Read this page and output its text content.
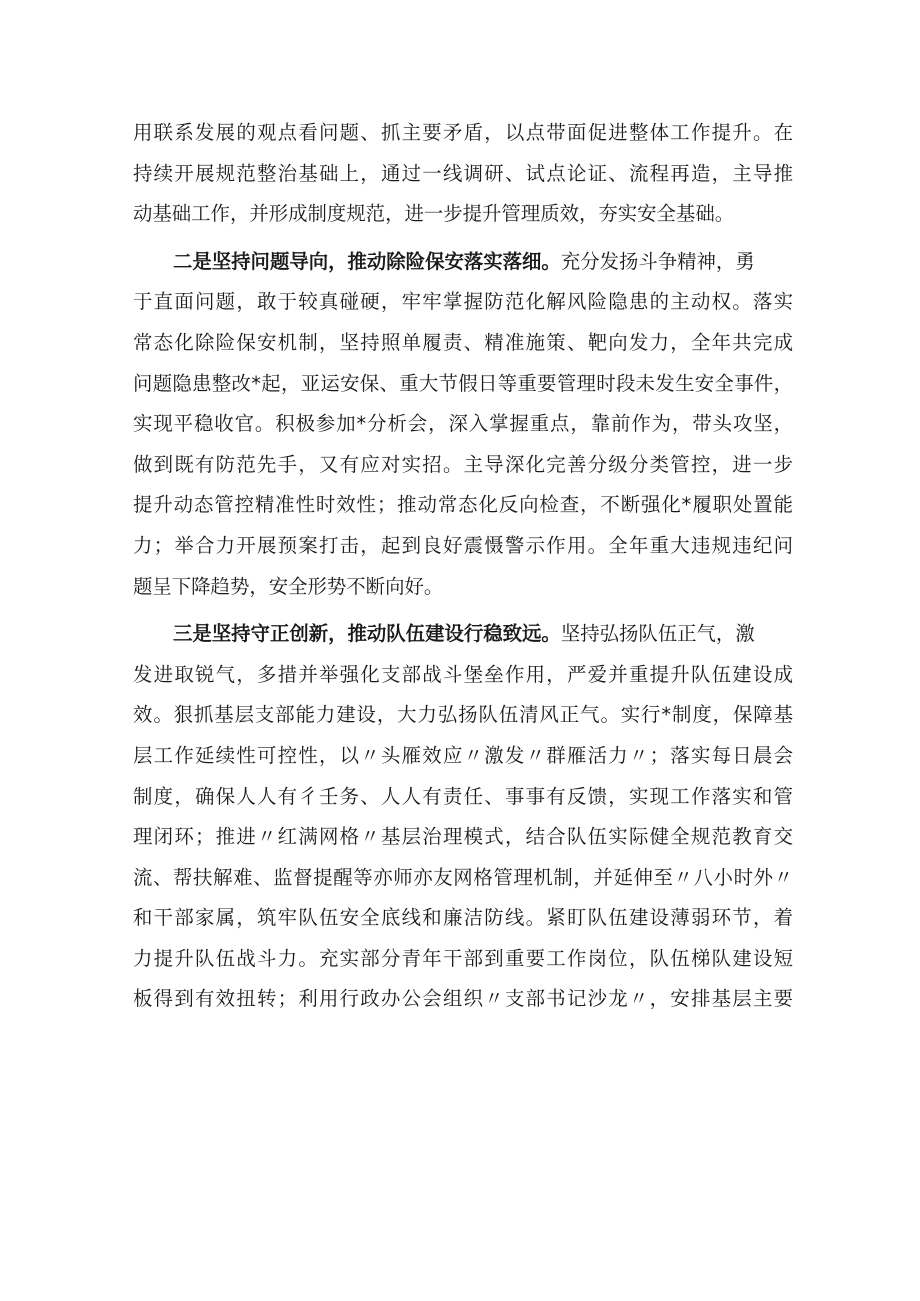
用联系发展的观点看问题、抓主要矛盾，以点带面促进整体工作提升。在
持续开展规范整治基础上，通过一线调研、试点论证、流程再造，主导推
动基础工作，并形成制度规范，进一步提升管理质效，夯实安全基础。
二是坚持问题导向，推动除险保安落实落细。充分发扬斗争精神，勇
于直面问题，敢于较真碰硬，牢牢掌握防范化解风险隐患的主动权。落实
常态化除险保安机制，坚持照单履责、精准施策、靶向发力，全年共完成
问题隐患整改*起，亚运安保、重大节假日等重要管理时段未发生安全事件，
实现平稳收官。积极参加*分析会，深入掌握重点，靠前作为，带头攻坚，
做到既有防范先手，又有应对实招。主导深化完善分级分类管控，进一步
提升动态管控精准性时效性；推动常态化反向检查，不断强化*履职处置能
力；举合力开展预案打击，起到良好震慑警示作用。全年重大违规违纪问
题呈下降趋势，安全形势不断向好。
三是坚持守正创新，推动队伍建设行稳致远。坚持弘扬队伍正气，激
发进取锐气，多措并举强化支部战斗堡垒作用，严爱并重提升队伍建设成
效。狠抓基层支部能力建设，大力弘扬队伍清风正气。实行*制度，保障基
层工作延续性可控性，以〃头雁效应〃激发〃群雁活力〃；落实每日晨会
制度，确保人人有彳壬务、人人有责任、事事有反馈，实现工作落实和管
理闭环；推进〃红满网格〃基层治理模式，结合队伍实际健全规范教育交
流、帮扶解难、监督提醒等亦师亦友网格管理机制，并延伸至〃八小时外〃
和干部家属，筑牢队伍安全底线和廉洁防线。紧盯队伍建设薄弱环节，着
力提升队伍战斗力。充实部分青年干部到重要工作岗位，队伍梯队建设短
板得到有效扭转；利用行政办公会组织〃支部书记沙龙〃，安排基层主要
